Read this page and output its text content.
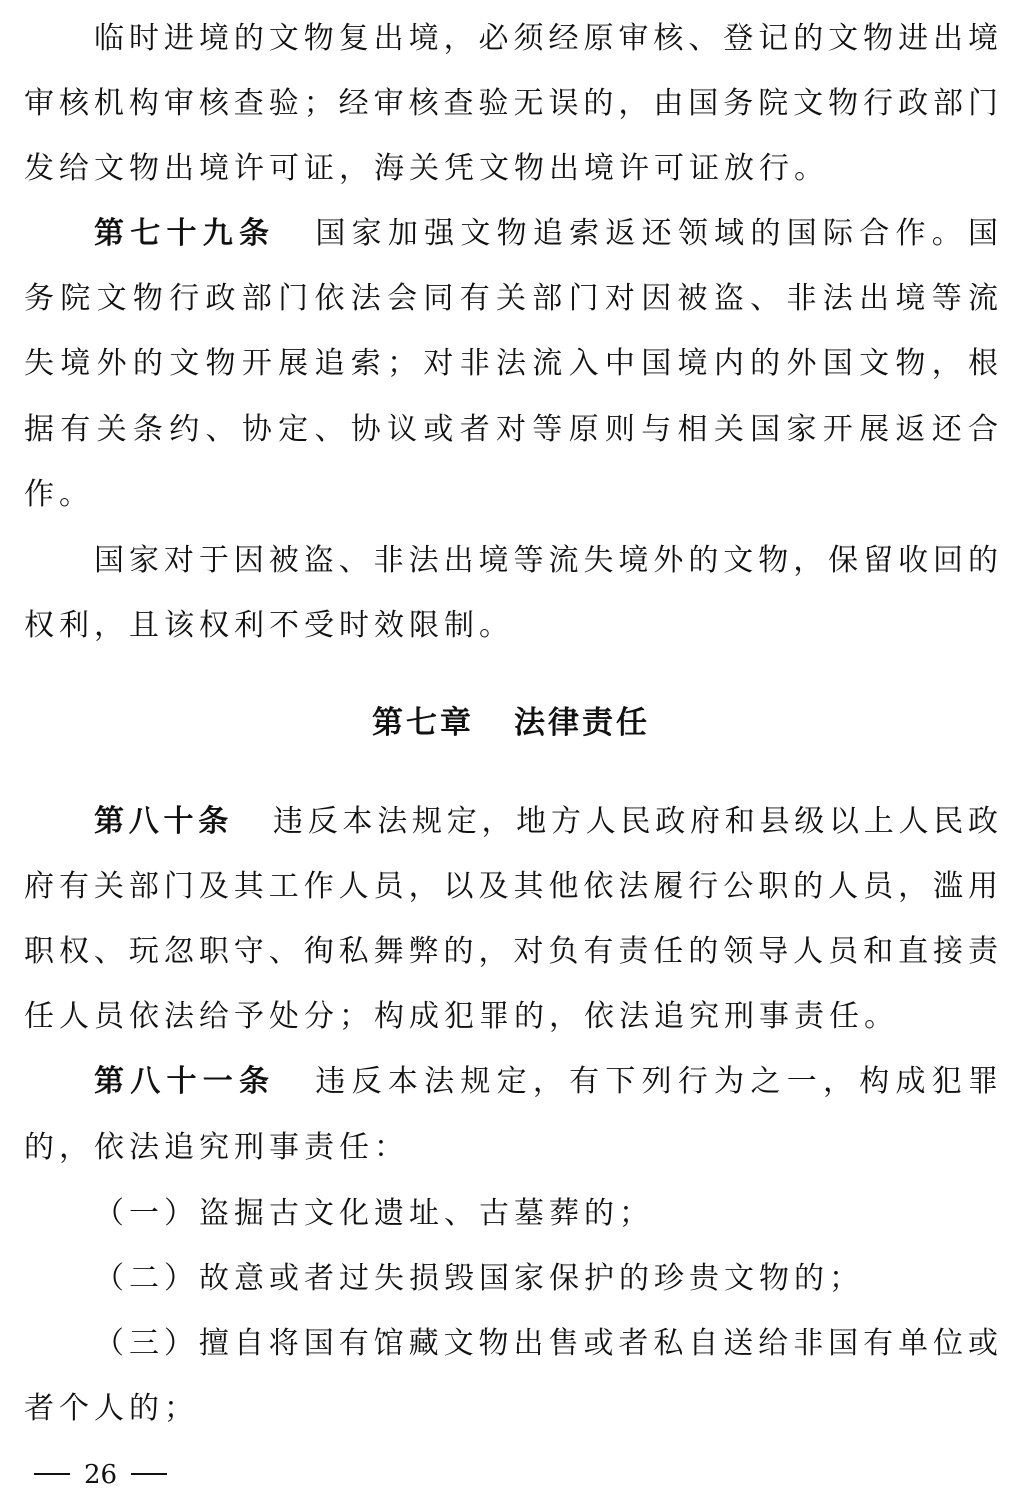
临时进境的文物复出境，必须经原审核、登记的文物进出境
审核机构审核查验；经审核查验无误的，由国务院文物行政部门
发给文物出境许可证，海关凭文物出境许可证放行。
第七十九条 国家加强文物追索返还领域的国际合作。国
务院文物行政部门依法会同有关部门对因被盗、非法出境等流
失境外的文物开展追索；对非法流入中国境内的外国文物，根
据有关条约、协定、协议或者对等原则与相关国家开展返还合
作。
国家对于因被盗、非法出境等流失境外的文物，保留收回的
权利，且该权利不受时效限制。
第七章 法律责任
第八十条 违反本法规定，地方人民政府和县级以上人民政
府有关部门及其工作人员，以及其他依法履行公职的人员，滥用
职权、玩忽职守、徇私舞弊的，对负有责任的领导人员和直接责
任人员依法给予处分；构成犯罪的，依法追究刑事责任。
第八十一条 违反本法规定，有下列行为之一，构成犯罪
的，依法追究刑事责任：
（一）盗掘古文化遗址、古墓葬的；
（二）故意或者过失损毁国家保护的珍贵文物的；
（三）擅自将国有馆藏文物出售或者私自送给非国有单位或
者个人的；
26
